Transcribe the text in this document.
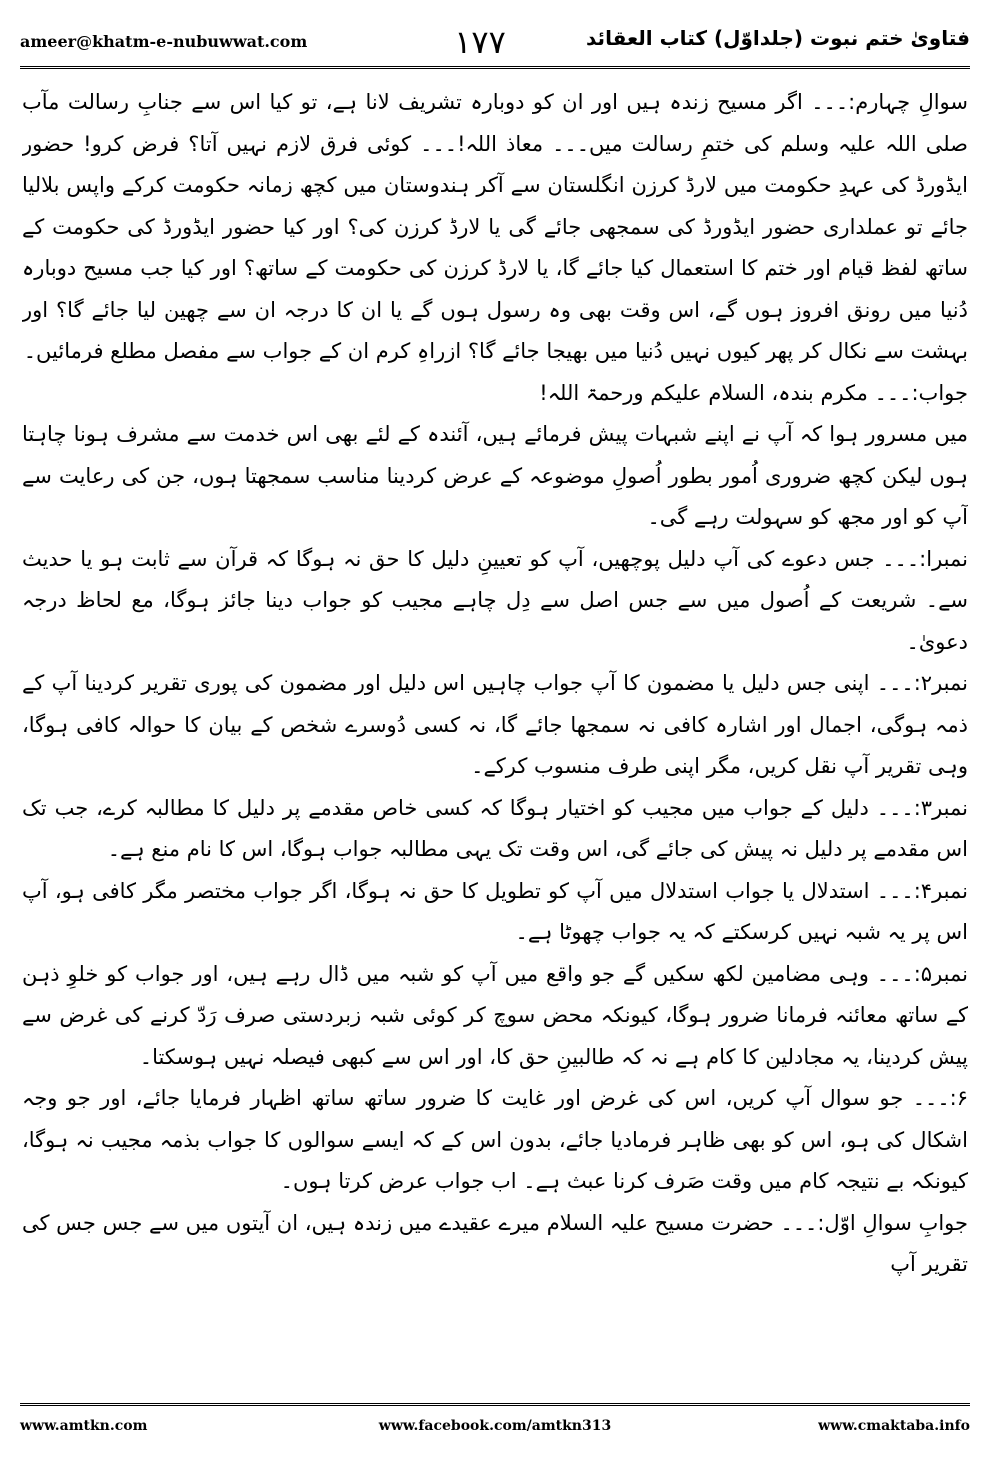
ameer@khatm-e-nubuwwat.com	۱۷۷	فتاویٰ ختم نبوت (جلداوّل) کتاب العقائد

سوالِ چہارم:۔۔۔ اگر مسیح زندہ ہیں اور ان کو دوبارہ تشریف لانا ہے، تو کیا اس سے جنابِ رسالت مآب صلی اللہ علیہ وسلم کی ختمِ رسالت میں۔۔۔ معاذ اللہ!۔۔۔ کوئی فرق لازم نہیں آتا؟ فرض کرو! حضور ایڈورڈ کی عہدِ حکومت میں لارڈ کرزن انگلستان سے آکر ہندوستان میں کچھ زمانہ حکومت کرکے واپس بلالیا جائے تو عملداری حضور ایڈورڈ کی سمجھی جائے گی یا لارڈ کرزن کی؟ اور کیا حضور ایڈورڈ کی حکومت کے ساتھ لفظ قیام اور ختم کا استعمال کیا جائے گا، یا لارڈ کرزن کی حکومت کے ساتھ؟ اور کیا جب مسیح دوبارہ دُنیا میں رونق افروز ہوں گے، اس وقت بھی وہ رسول ہوں گے یا ان کا درجہ ان سے چھین لیا جائے گا؟ اور بہشت سے نکال کر پھر کیوں نہیں دُنیا میں بھیجا جائے گا؟ ازراہِ کرم ان کے جواب سے مفصل مطلع فرمائیں۔

جواب:۔۔۔ مکرم بندہ، السلام علیکم ورحمۃ اللہ!

میں مسرور ہوا کہ آپ نے اپنے شبہات پیش فرمائے ہیں، آئندہ کے لئے بھی اس خدمت سے مشرف ہونا چاہتا ہوں لیکن کچھ ضروری اُمور بطور اُصولِ موضوعہ کے عرض کردینا مناسب سمجھتا ہوں، جن کی رعایت سے آپ کو اور مجھ کو سہولت رہے گی۔

نمبرا:۔۔۔ جس دعوے کی آپ دلیل پوچھیں، آپ کو تعیینِ دلیل کا حق نہ ہوگا کہ قرآن سے ثابت ہو یا حدیث سے۔ شریعت کے اُصول میں سے جس اصل سے دِل چاہے مجیب کو جواب دینا جائز ہوگا، مع لحاظ درجہ دعویٰ۔

نمبر۲:۔۔۔ اپنی جس دلیل یا مضمون کا آپ جواب چاہیں اس دلیل اور مضمون کی پوری تقریر کردینا آپ کے ذمہ ہوگی، اجمال اور اشارہ کافی نہ سمجھا جائے گا، نہ کسی دُوسرے شخص کے بیان کا حوالہ کافی ہوگا، وہی تقریر آپ نقل کریں، مگر اپنی طرف منسوب کرکے۔

نمبر۳:۔۔۔ دلیل کے جواب میں مجیب کو اختیار ہوگا کہ کسی خاص مقدمے پر دلیل کا مطالبہ کرے، جب تک اس مقدمے پر دلیل نہ پیش کی جائے گی، اس وقت تک یہی مطالبہ جواب ہوگا، اس کا نام منع ہے۔

نمبر۴:۔۔۔ استدلال یا جواب استدلال میں آپ کو تطویل کا حق نہ ہوگا، اگر جواب مختصر مگر کافی ہو، آپ اس پر یہ شبہ نہیں کرسکتے کہ یہ جواب چھوٹا ہے۔

نمبر۵:۔۔۔ وہی مضامین لکھ سکیں گے جو واقع میں آپ کو شبہ میں ڈال رہے ہیں، اور جواب کو خلوِ ذہن کے ساتھ معائنہ فرمانا ضرور ہوگا، کیونکہ محض سوچ کر کوئی شبہ زبردستی صرف رَدّ کرنے کی غرض سے پیش کردینا، یہ مجادلین کا کام ہے نہ کہ طالبینِ حق کا، اور اس سے کبھی فیصلہ نہیں ہوسکتا۔

۶:۔۔۔ جو سوال آپ کریں، اس کی غرض اور غایت کا ضرور ساتھ ساتھ اظہار فرمایا جائے، اور جو وجہ اشکال کی ہو، اس کو بھی ظاہر فرمادیا جائے، بدون اس کے کہ ایسے سوالوں کا جواب بذمہ مجیب نہ ہوگا، کیونکہ بے نتیجہ کام میں وقت صَرف کرنا عبث ہے۔ اب جواب عرض کرتا ہوں۔

جوابِ سوالِ اوّل:۔۔۔ حضرت مسیح علیہ السلام میرے عقیدے میں زندہ ہیں، ان آیتوں میں سے جس جس کی تقریر آپ

www.amtkn.com	www.facebook.com/amtkn313	www.cmaktaba.info
